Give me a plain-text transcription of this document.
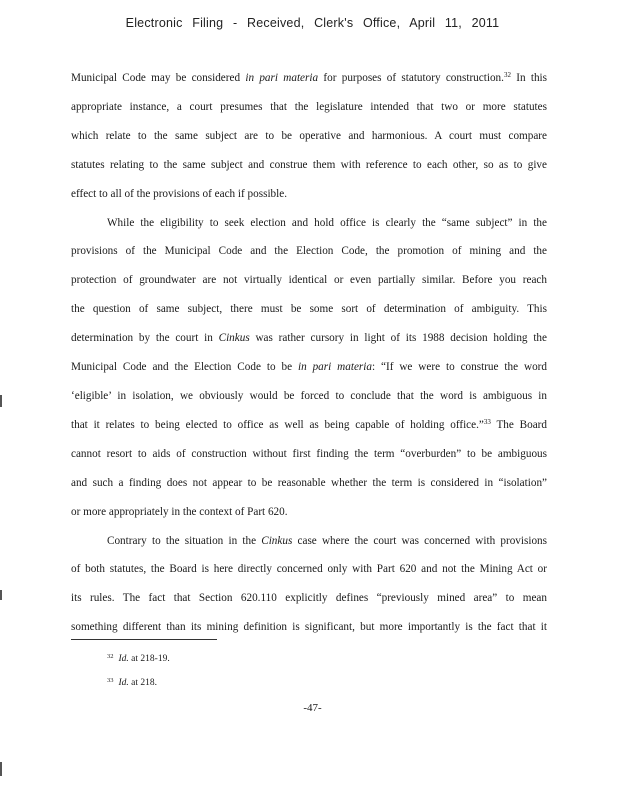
Electronic Filing - Received, Clerk's Office, April 11, 2011
Municipal Code may be considered in pari materia for purposes of statutory construction.$^{32}$ In this
appropriate instance, a court presumes that the legislature intended that two or more statutes
which relate to the same subject are to be operative and harmonious. A court must compare
statutes relating to the same subject and construe them with reference to each other, so as to give
effect to all of the provisions of each if possible.
While the eligibility to seek election and hold office is clearly the “same subject” in the
provisions of the Municipal Code and the Election Code, the promotion of mining and the
protection of groundwater are not virtually identical or even partially similar. Before you reach
the question of same subject, there must be some sort of determination of ambiguity. This
determination by the court in Cinkus was rather cursory in light of its 1988 decision holding the
Municipal Code and the Election Code to be in pari materia: “If we were to construe the word
‘eligible’ in isolation, we obviously would be forced to conclude that the word is ambiguous in
that it relates to being elected to office as well as being capable of holding office.”$^{33}$ The Board
cannot resort to aids of construction without first finding the term “overburden” to be ambiguous
and such a finding does not appear to be reasonable whether the term is considered in “isolation”
or more appropriately in the context of Part 620.
Contrary to the situation in the Cinkus case where the court was concerned with provisions
of both statutes, the Board is here directly concerned only with Part 620 and not the Mining Act or
its rules. The fact that Section 620.110 explicitly defines “previously mined area” to mean
something different than its mining definition is significant, but more importantly is the fact that it
$^{32}$ Id. at 218-19.
$^{33}$ Id. at 218.
-47-
